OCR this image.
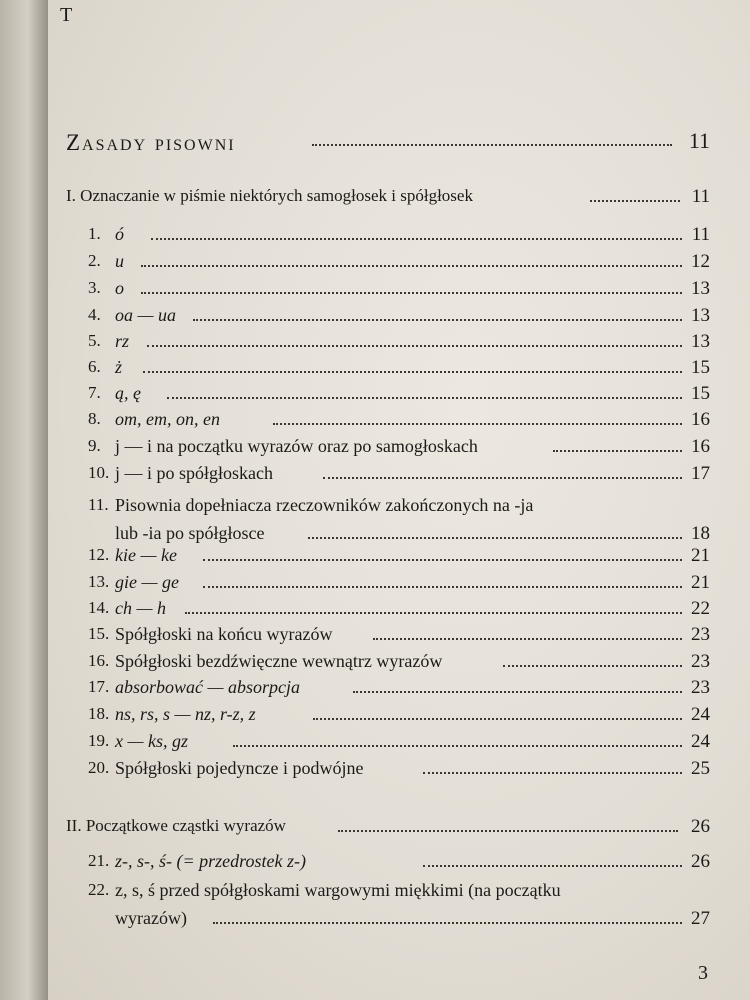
T
Zasady pisowni	11
I. Oznaczanie w piśmie niektórych samogłosek i spółgłosek	11
1. ó	11
2. u	12
3. o	13
4. oa — ua	13
5. rz	13
6. ż	15
7. ą, ę	15
8. om, em, on, en	16
9. j — i na początku wyrazów oraz po samogłoskach	16
10. j — i po spółgłoskach	17
11. Pisownia dopełniacza rzeczowników zakończonych na -ja
lub -ia po spółgłosce	18
12. kie — ke	21
13. gie — ge	21
14. ch — h	22
15. Spółgłoski na końcu wyrazów	23
16. Spółgłoski bezdźwięczne wewnątrz wyrazów	23
17. absorbować — absorpcja	23
18. ns, rs, s — nz, r-z, z	24
19. x — ks, gz	24
20. Spółgłoski pojedyncze i podwójne	25
II. Początkowe cząstki wyrazów	26
21. z-, s-, ś- (= przedrostek z-)	26
22. z, s, ś przed spółgłoskami wargowymi miękkimi (na początku
wyrazów)	27
3
